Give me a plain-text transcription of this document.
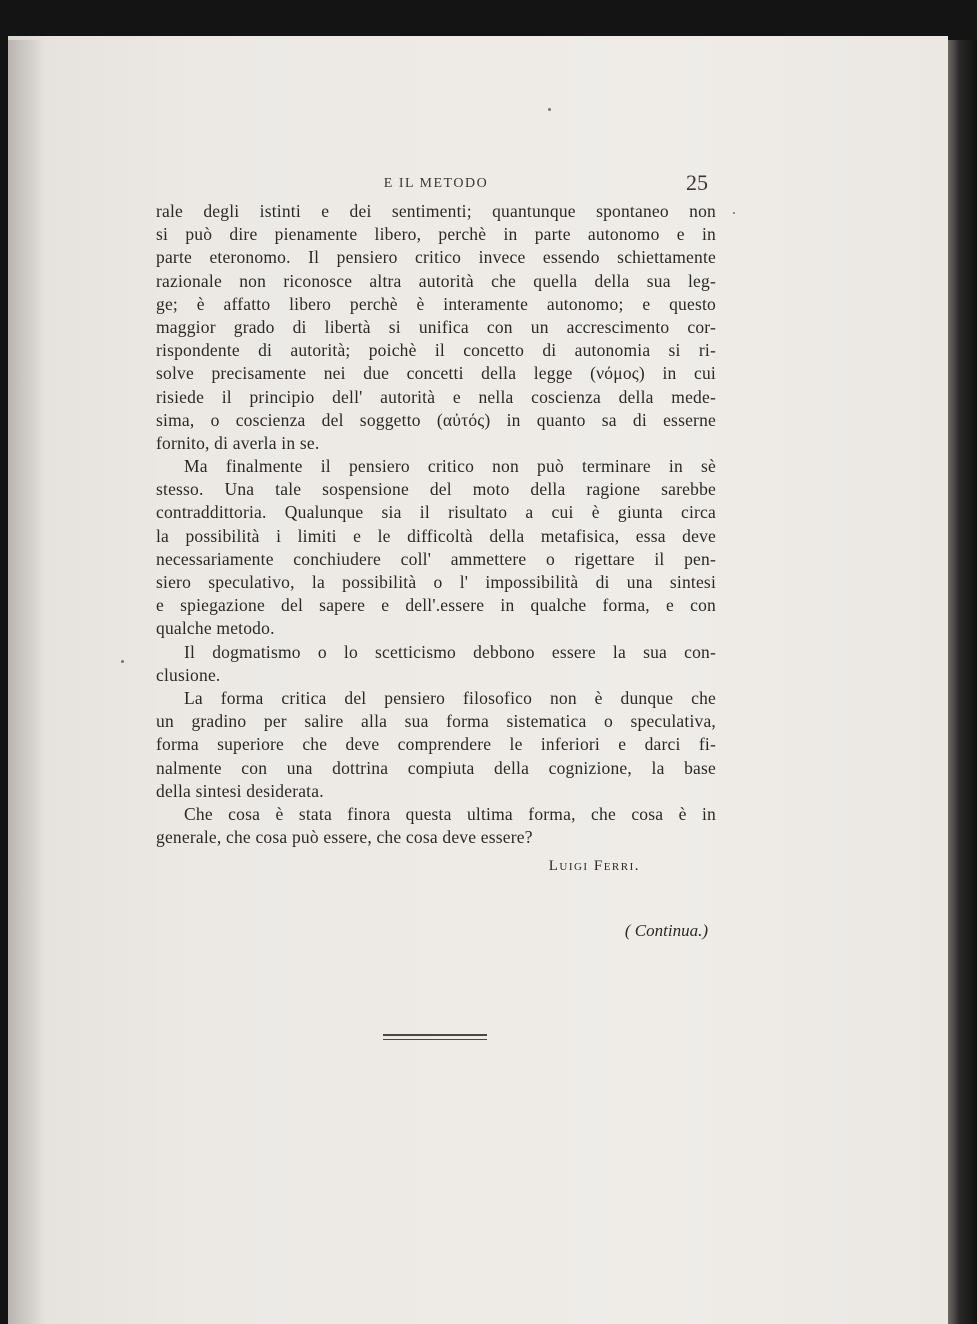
E IL METODO	25
rale degli istinti e dei sentimenti; quantunque spontaneo non
si può dire pienamente libero, perchè in parte autonomo e in
parte eteronomo. Il pensiero critico invece essendo schiettamente
razionale non riconosce altra autorità che quella della sua leg-
ge; è affatto libero perchè è interamente autonomo; e questo
maggior grado di libertà si unifica con un accrescimento cor-
rispondente di autorità; poichè il concetto di autonomia si ri-
solve precisamente nei due concetti della legge (νόμος) in cui
risiede il principio dell' autorità e nella coscienza della mede-
sima, o coscienza del soggetto (αὐτός) in quanto sa di esserne
fornito, di averla in se.
Ma finalmente il pensiero critico non può terminare in sè
stesso. Una tale sospensione del moto della ragione sarebbe
contraddittoria. Qualunque sia il risultato a cui è giunta circa
la possibilità i limiti e le difficoltà della metafisica, essa deve
necessariamente conchiudere coll' ammettere o rigettare il pen-
siero speculativo, la possibilità o l' impossibilità di una sintesi
e spiegazione del sapere e dell'.essere in qualche forma, e con
qualche metodo.
Il dogmatismo o lo scetticismo debbono essere la sua con-
clusione.
La forma critica del pensiero filosofico non è dunque che
un gradino per salire alla sua forma sistematica o speculativa,
forma superiore che deve comprendere le inferiori e darci fi-
nalmente con una dottrina compiuta della cognizione, la base
della sintesi desiderata.
Che cosa è stata finora questa ultima forma, che cosa è in
generale, che cosa può essere, che cosa deve essere?
Luigi Ferri.
( Continua.)
